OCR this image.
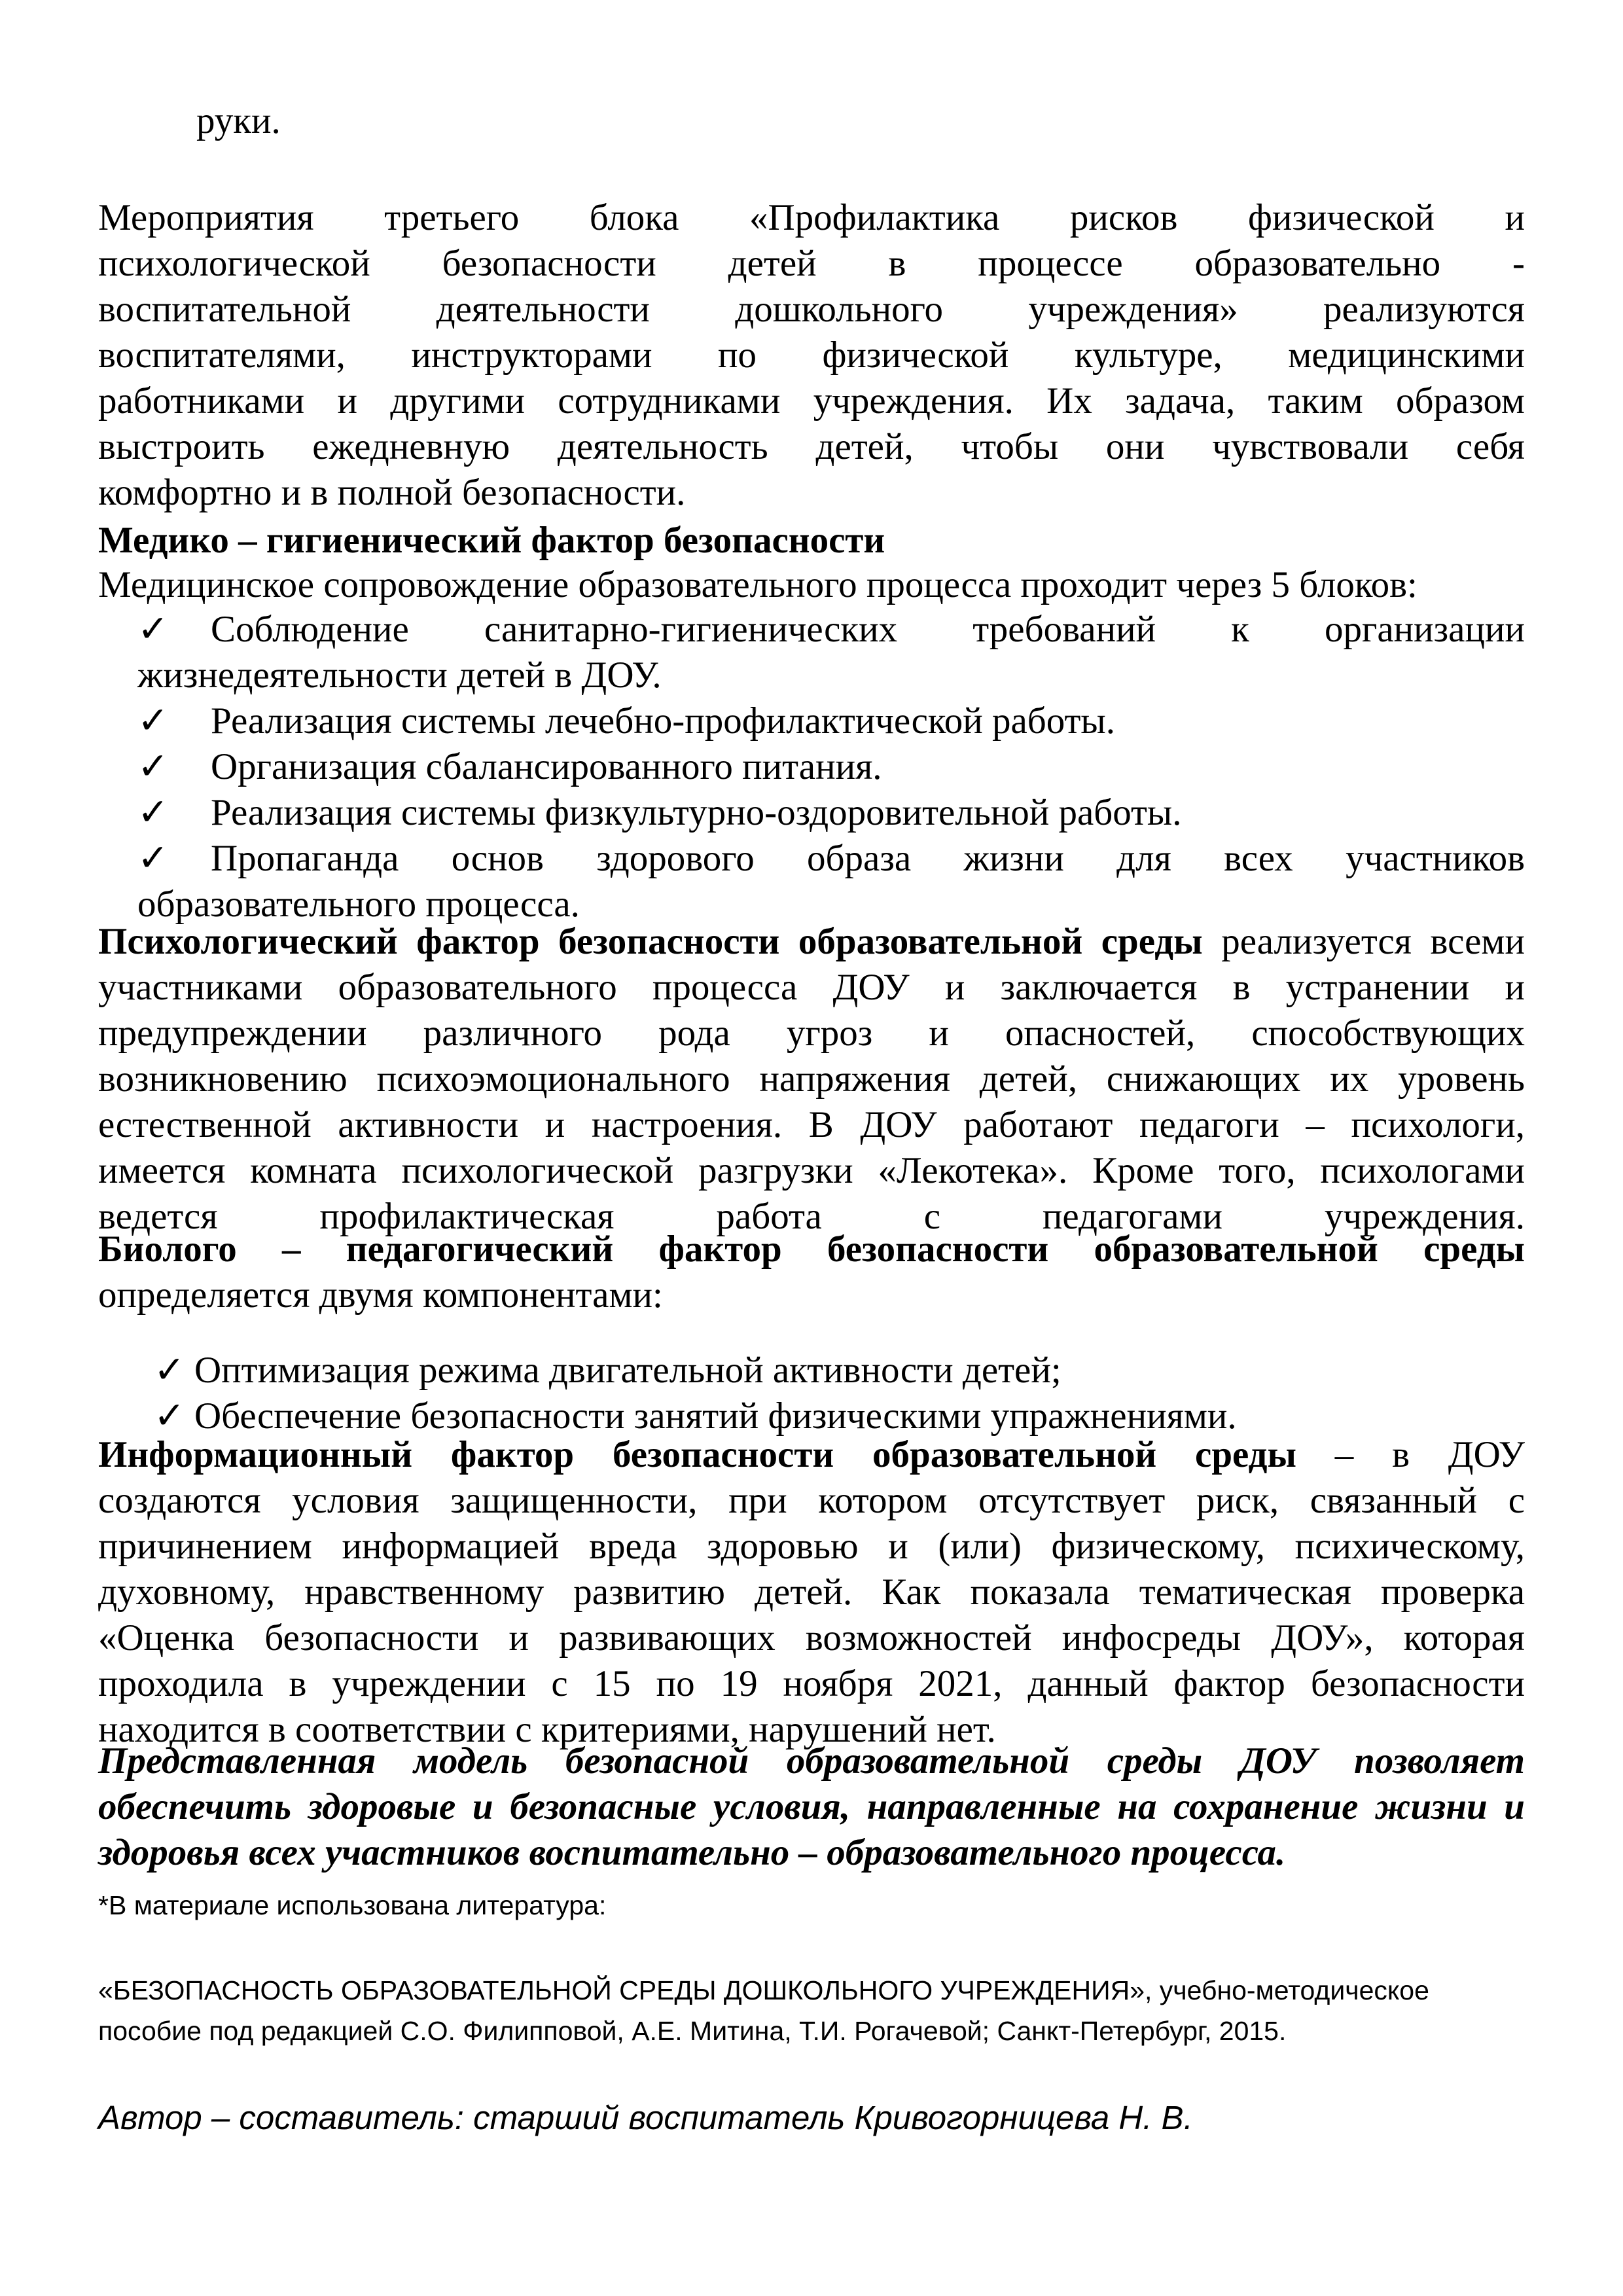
руки.
Мероприятия третьего блока «Профилактика рисков физической и
психологической безопасности детей в процессе образовательно -
воспитательной деятельности дошкольного учреждения» реализуются
воспитателями, инструкторами по физической культуре, медицинскими
работниками и другими сотрудниками учреждения. Их задача, таким образом
выстроить ежедневную деятельность детей, чтобы они чувствовали себя
комфортно и в полной безопасности.
Медико – гигиенический фактор безопасности
Медицинское сопровождение образовательного процесса проходит через 5 блоков:
✓ Соблюдение санитарно-гигиенических требований к организации
жизнедеятельности детей в ДОУ.
✓ Реализация системы лечебно-профилактической работы.
✓ Организация сбалансированного питания.
✓ Реализация системы физкультурно-оздоровительной работы.
✓ Пропаганда основ здорового образа жизни для всех участников
образовательного процесса.
Психологический фактор безопасности образовательной среды реализуется всеми
участниками образовательного процесса ДОУ и заключается в устранении и
предупреждении различного рода угроз и опасностей, способствующих
возникновению психоэмоционального напряжения детей, снижающих их уровень
естественной активности и настроения. В ДОУ работают педагоги – психологи,
имеется комната психологической разгрузки «Лекотека». Кроме того, психологами
ведется профилактическая работа с педагогами учреждения.
Биолого – педагогический фактор безопасности образовательной среды
определяется двумя компонентами:
✓ Оптимизация режима двигательной активности детей;
✓ Обеспечение безопасности занятий физическими упражнениями.
Информационный фактор безопасности образовательной среды – в ДОУ
создаются условия защищенности, при котором отсутствует риск, связанный с
причинением информацией вреда здоровью и (или) физическому, психическому,
духовному, нравственному развитию детей. Как показала тематическая проверка
«Оценка безопасности и развивающих возможностей инфосреды ДОУ», которая
проходила в учреждении с 15 по 19 ноября 2021, данный фактор безопасности
находится в соответствии с критериями, нарушений нет.
Представленная модель безопасной образовательной среды ДОУ позволяет
обеспечить здоровые и безопасные условия, направленные на сохранение жизни и
здоровья всех участников воспитательно – образовательного процесса.
*В материале использована литература:
«БЕЗОПАСНОСТЬ ОБРАЗОВАТЕЛЬНОЙ СРЕДЫ ДОШКОЛЬНОГО УЧРЕЖДЕНИЯ», учебно-методическое
пособие под редакцией С.О. Филипповой, А.Е. Митина, Т.И. Рогачевой; Санкт-Петербург, 2015.
Автор – составитель: старший воспитатель Кривогорницева Н. В.
